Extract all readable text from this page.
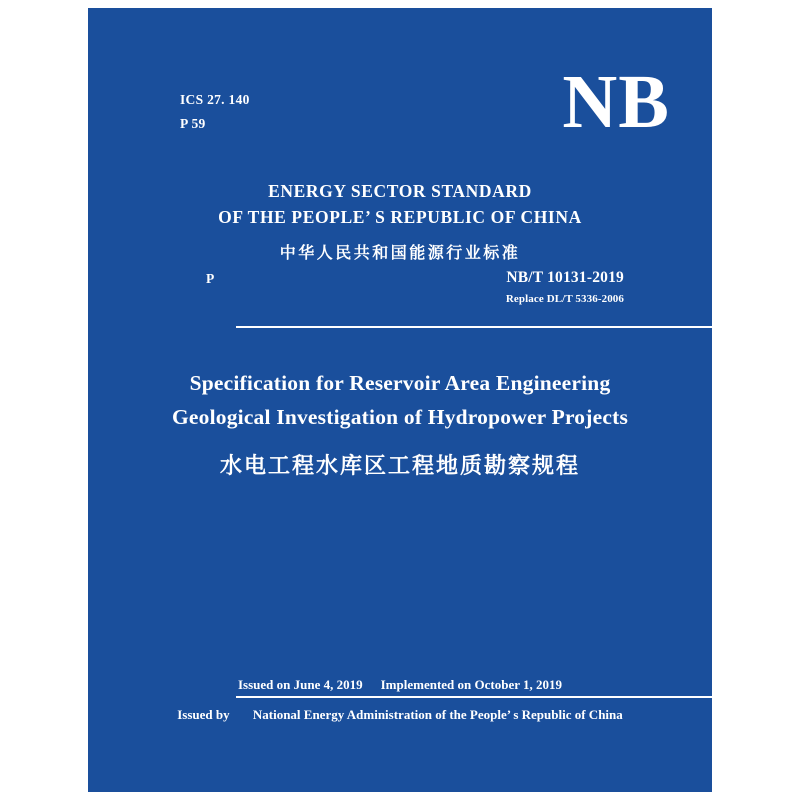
ICS 27. 140
P 59	NB
ENERGY SECTOR STANDARD
OF THE PEOPLE’ S REPUBLIC OF CHINA
中华人民共和国能源行业标准
P	NB/T 10131-2019
Replace DL/T 5336-2006
Specification for Reservoir Area Engineering
Geological Investigation of Hydropower Projects
水电工程水库区工程地质勘察规程
Issued on June 4, 2019 Implemented on October 1, 2019
Issued by National Energy Administration of the People’ s Republic of China
